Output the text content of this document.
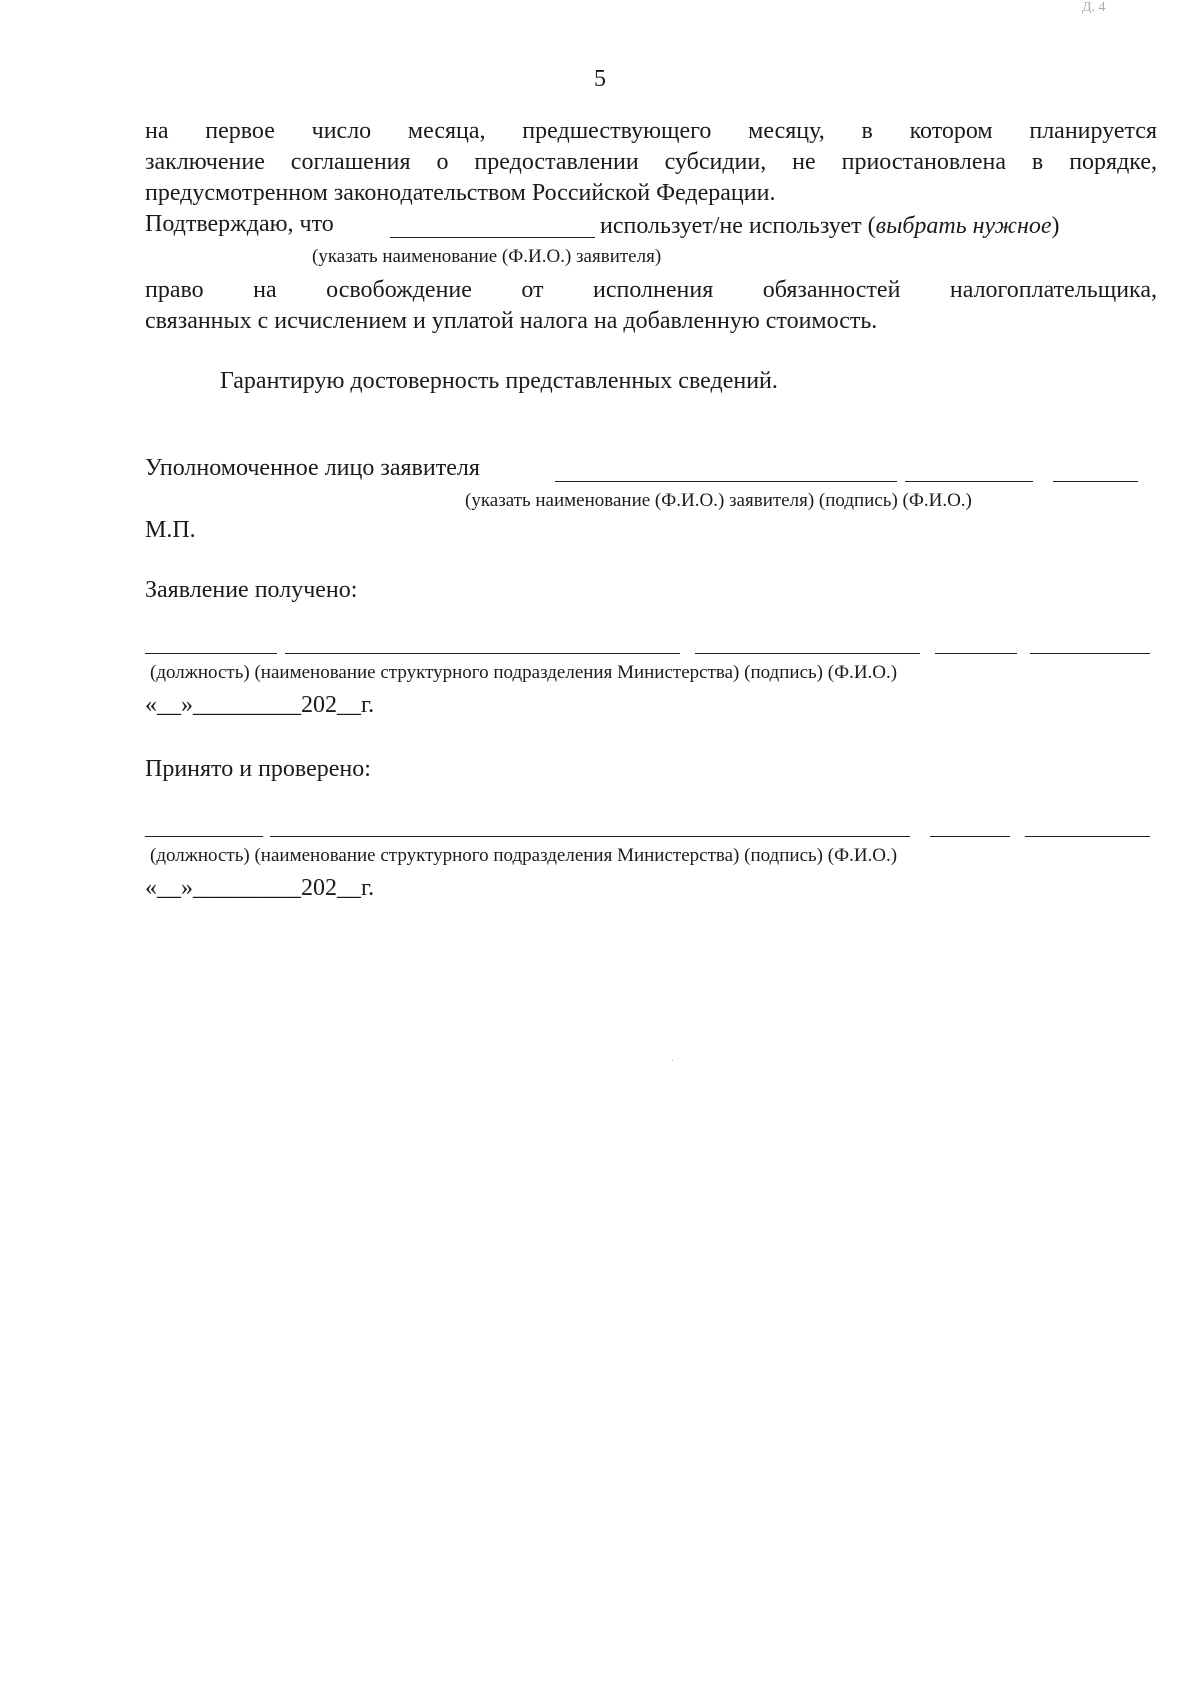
Д. 4
5
на первое число месяца, предшествующего месяцу, в котором планируется
заключение соглашения о предоставлении субсидии, не приостановлена в порядке,
предусмотренном законодательством Российской Федерации.
Подтверждаю, что	использует/не использует (выбрать нужное)
(указать наименование (Ф.И.О.) заявителя)
право на освобождение от исполнения обязанностей налогоплательщика,
связанных с исчислением и уплатой налога на добавленную стоимость.
Гарантирую достоверность представленных сведений.
Уполномоченное лицо заявителя
(указать наименование (Ф.И.О.) заявителя) (подпись) (Ф.И.О.)
М.П.
Заявление получено:
(должность) (наименование структурного подразделения Министерства) (подпись) (Ф.И.О.)
«__»_________202__г.
Принято и проверено:
(должность) (наименование структурного подразделения Министерства) (подпись) (Ф.И.О.)
«__»_________202__г.
